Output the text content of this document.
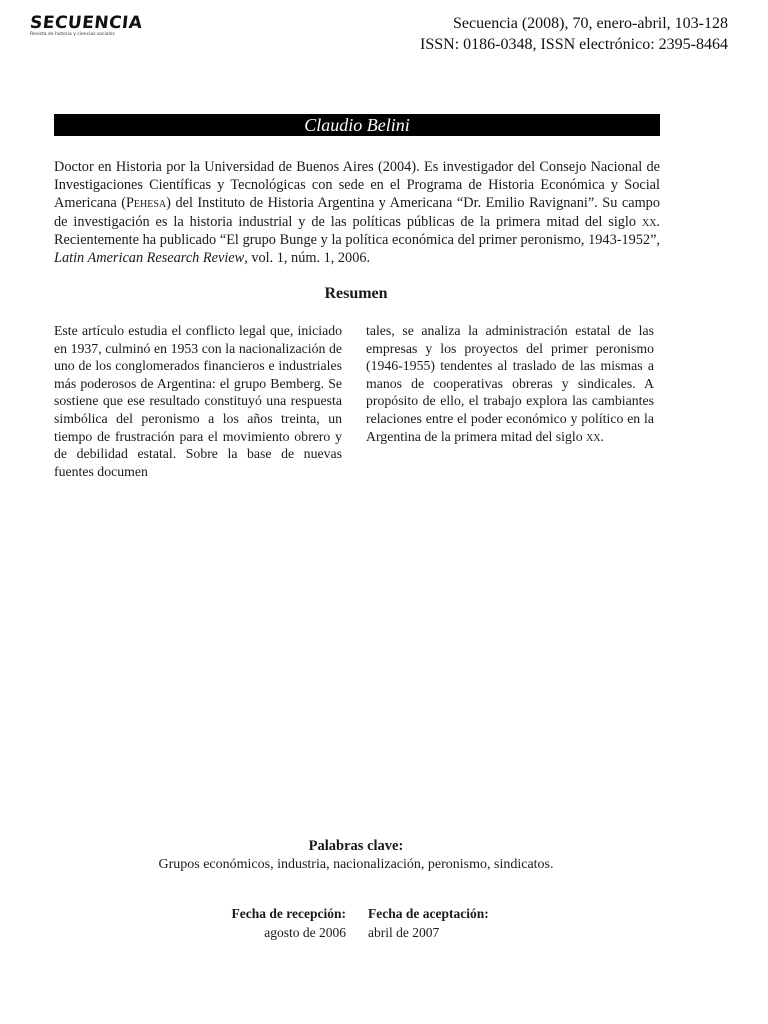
SECUENCIA
Revista de historia y ciencias sociales
Secuencia (2008), 70, enero-abril, 103-128
ISSN: 0186-0348, ISSN electrónico: 2395-8464
Claudio Belini
Doctor en Historia por la Universidad de Buenos Aires (2004). Es investigador del Consejo Nacional de Investigaciones Científicas y Tecnológicas con sede en el Programa de Historia Económica y Social Americana (Pehesa) del Instituto de Historia Argentina y Americana “Dr. Emilio Ravignani”. Su campo de investigación es la historia industrial y de las políticas públicas de la primera mitad del siglo xx. Recientemente ha publicado “El grupo Bunge y la política económica del primer peronismo, 1943-1952”, Latin American Research Review, vol. 1, núm. 1, 2006.
Resumen
Este artículo estudia el conflicto legal que, iniciado en 1937, culminó en 1953 con la nacionalización de uno de los conglomerados financieros e industriales más poderosos de Argentina: el grupo Bemberg. Se sostiene que ese resultado constituyó una respuesta simbólica del peronismo a los años treinta, un tiempo de frustración para el movimiento obrero y de debilidad estatal. Sobre la base de nuevas fuentes documen
tales, se analiza la administración estatal de las empresas y los proyectos del primer peronismo (1946-1955) tendentes al traslado de las mismas a manos de cooperativas obreras y sindicales. A propósito de ello, el trabajo explora las cambiantes relaciones entre el poder económico y político en la Argentina de la primera mitad del siglo xx.
Palabras clave:
Grupos económicos, industria, nacionalización, peronismo, sindicatos.
Fecha de recepción:
agosto de 2006
Fecha de aceptación:
abril de 2007
